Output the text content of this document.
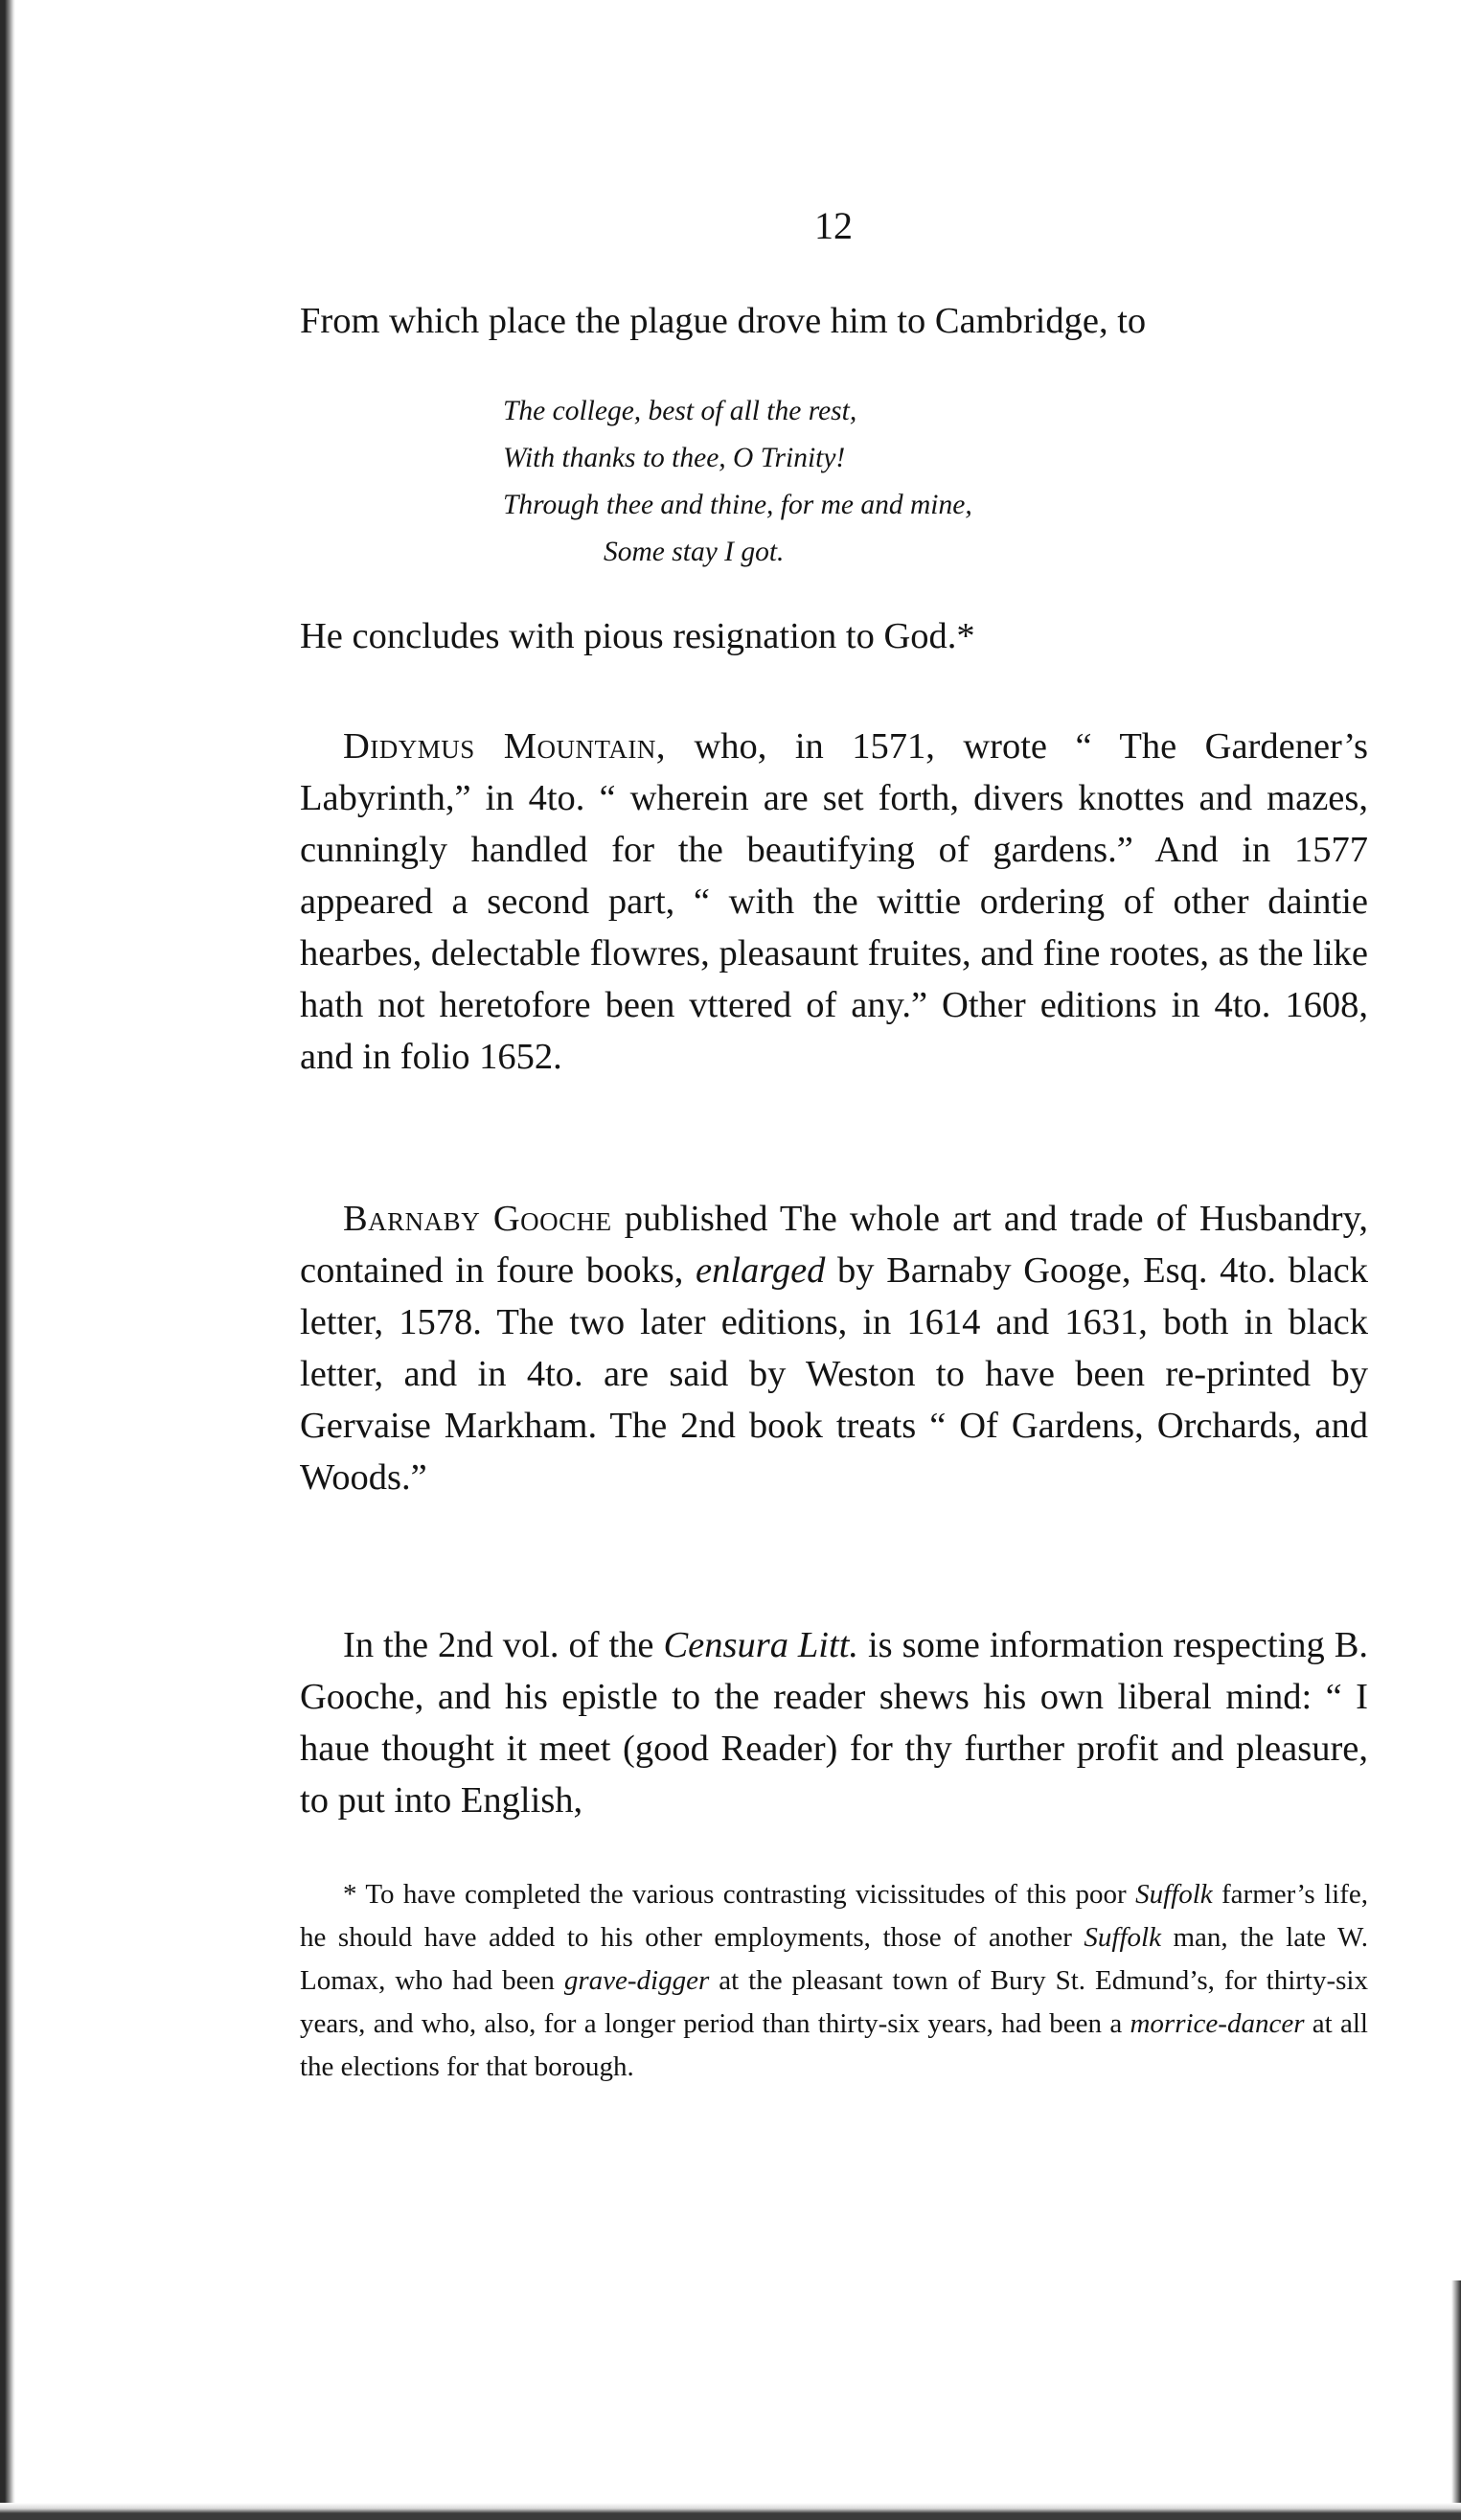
12

From which place the plague drove him to Cambridge, to

The college, best of all the rest,
With thanks to thee, O Trinity!
Through thee and thine, for me and mine,
Some stay I got.

He concludes with pious resignation to God.*

Didymus Mountain, who, in 1571, wrote “ The Gardener’s Labyrinth,” in 4to. “ wherein are set forth, divers knottes and mazes, cunningly handled for the beautifying of gardens.” And in 1577 appeared a second part, “ with the wittie ordering of other daintie hearbes, delectable flowres, pleasaunt fruites, and fine rootes, as the like hath not heretofore been vttered of any.” Other editions in 4to. 1608, and in folio 1652.

Barnaby Gooche published The whole art and trade of Husbandry, contained in foure books, enlarged by Barnaby Googe, Esq. 4to. black letter, 1578. The two later editions, in 1614 and 1631, both in black letter, and in 4to. are said by Weston to have been re-printed by Gervaise Markham. The 2nd book treats “ Of Gardens, Orchards, and Woods.”

In the 2nd vol. of the Censura Litt. is some information respecting B. Gooche, and his epistle to the reader shews his own liberal mind: “ I haue thought it meet (good Reader) for thy further profit and pleasure, to put into English,

* To have completed the various contrasting vicissitudes of this poor Suffolk farmer’s life, he should have added to his other employments, those of another Suffolk man, the late W. Lomax, who had been grave-digger at the pleasant town of Bury St. Edmund’s, for thirty-six years, and who, also, for a longer period than thirty-six years, had been a morrice-dancer at all the elections for that borough.
